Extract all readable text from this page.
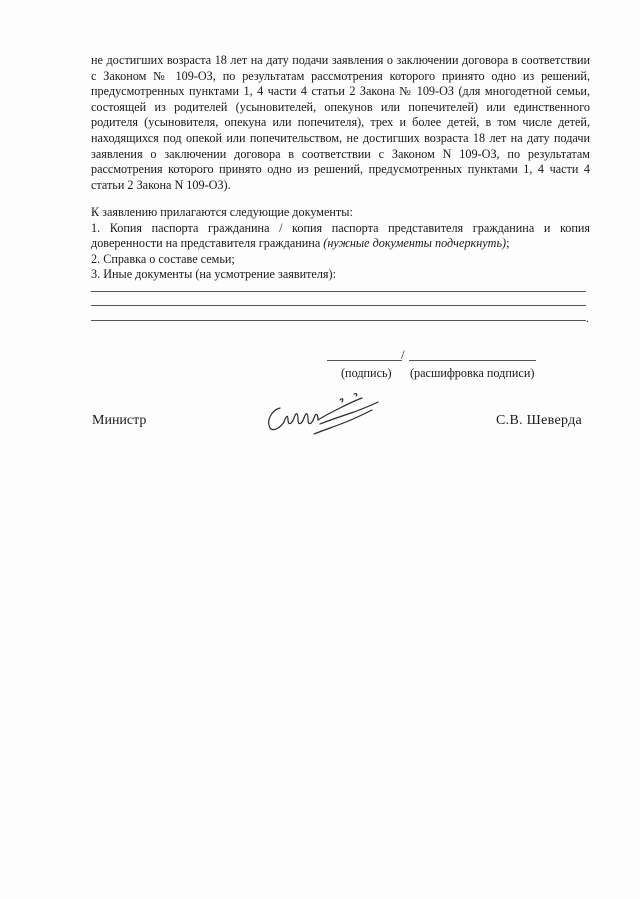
не достигших возраста 18 лет на дату подачи заявления о заключении договора в соответствии с Законом № 109-ОЗ, по результатам рассмотрения которого принято одно из решений, предусмотренных пунктами 1, 4 части 4 статьи 2 Закона № 109-ОЗ (для многодетной семьи, состоящей из родителей (усыновителей, опекунов или попечителей) или единственного родителя (усыновителя, опекуна или попечителя), трех и более детей, в том числе детей, находящихся под опекой или попечительством, не достигших возраста 18 лет на дату подачи заявления о заключении договора в соответствии с Законом N 109-ОЗ, по результатам рассмотрения которого принято одно из решений, предусмотренных пунктами 1, 4 части 4 статьи 2 Закона N 109-ОЗ).

К заявлению прилагаются следующие документы:

1. Копия паспорта гражданина / копия паспорта представителя гражданина и копия доверенности на представителя гражданина (нужные документы подчеркнуть);

2. Справка о составе семьи;

3. Иные документы (на усмотрение заявителя):

.
/
(подпись) (расшифровка подписи)
Министр	С.В. Шеверда
